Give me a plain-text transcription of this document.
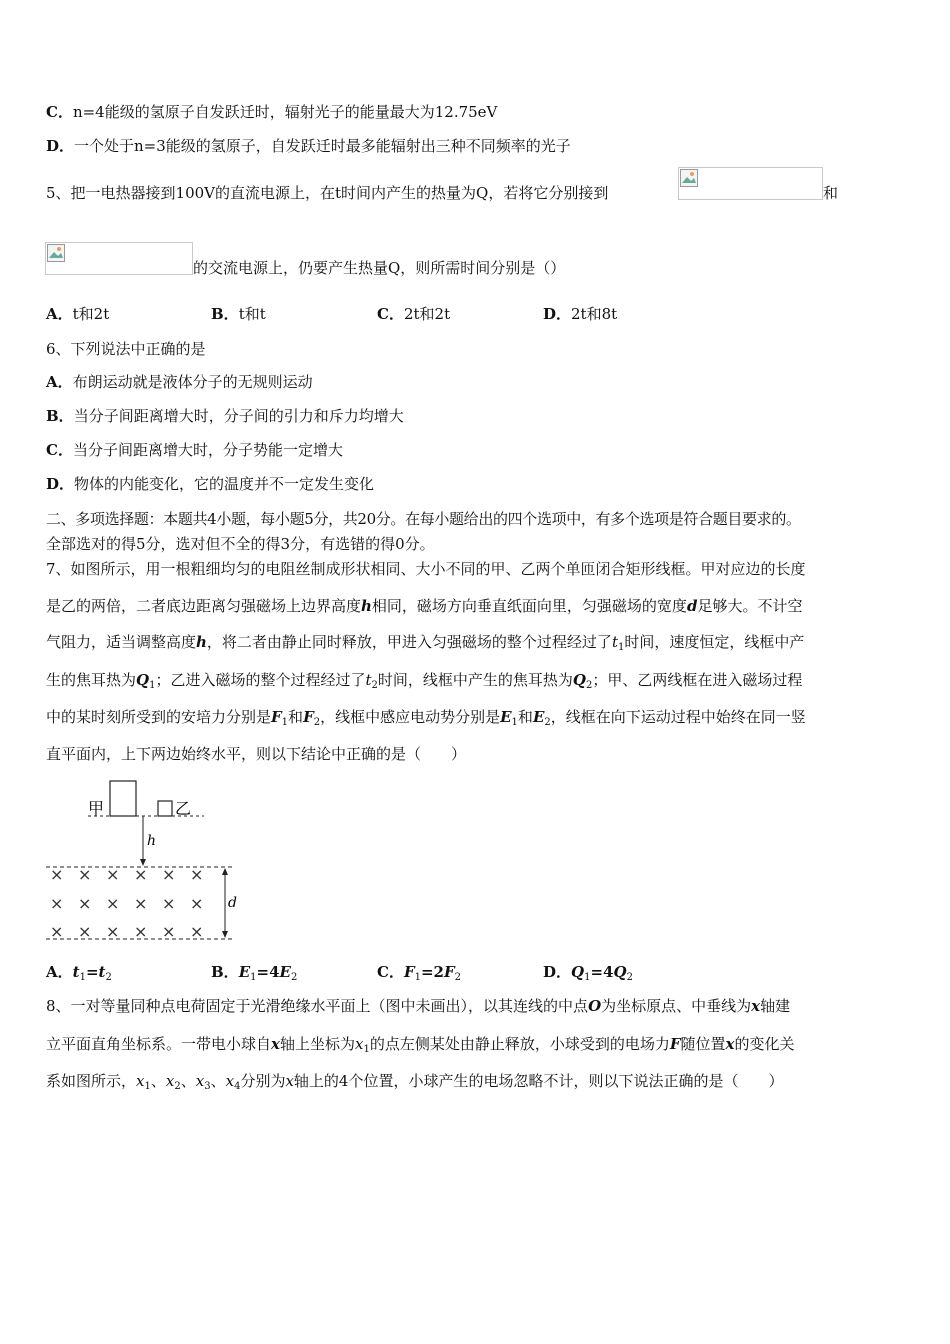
C．n=4能级的氢原子自发跃迁时，辐射光子的能量最大为12.75eV
D．一个处于n=3能级的氢原子，自发跃迁时最多能辐射出三种不同频率的光子
5、把一电热器接到100V的直流电源上，在t时间内产生的热量为Q，若将它分别接到	和
的交流电源上，仍要产生热量Q，则所需时间分别是（）
A．t和2t	B．t和t	C．2t和2t	D．2t和8t
6、下列说法中正确的是
A．布朗运动就是液体分子的无规则运动
B．当分子间距离增大时，分子间的引力和斥力均增大
C．当分子间距离增大时，分子势能一定增大
D．物体的内能变化，它的温度并不一定发生变化
二、多项选择题：本题共4小题，每小题5分，共20分。在每小题给出的四个选项中，有多个选项是符合题目要求的。
全部选对的得5分，选对但不全的得3分，有选错的得0分。
7、如图所示，用一根粗细均匀的电阻丝制成形状相同、大小不同的甲、乙两个单匝闭合矩形线框。甲对应边的长度
是乙的两倍，二者底边距离匀强磁场上边界高度h相同，磁场方向垂直纸面向里，匀强磁场的宽度d足够大。不计空
气阻力，适当调整高度h，将二者由静止同时释放，甲进入匀强磁场的整个过程经过了$t_1$时间，速度恒定，线框中产
生的焦耳热为$Q_1$；乙进入磁场的整个过程经过了$t_2$时间，线框中产生的焦耳热为$Q_2$；甲、乙两线框在进入磁场过程
中的某时刻所受到的安培力分别是$F_1$和$F_2$，线框中感应电动势分别是$E_1$和$E_2$，线框在向下运动过程中始终在同一竖
直平面内，上下两边始终水平，则以下结论中正确的是（　　）
甲	乙
h
× × × × × ×
× × × × × ×
× × × × × ×
d
A．$t_1=t_2$	B．$E_1=4E_2$	C．$F_1=2F_2$	D．$Q_1=4Q_2$
8、一对等量同种点电荷固定于光滑绝缘水平面上（图中未画出），以其连线的中点O为坐标原点、中垂线为x轴建
立平面直角坐标系。一带电小球自x轴上坐标为$x_1$的点左侧某处由静止释放，小球受到的电场力F随位置x的变化关
系如图所示，$x_1$、$x_2$、$x_3$、$x_4$分别为x轴上的4个位置，小球产生的电场忽略不计，则以下说法正确的是（　　）
